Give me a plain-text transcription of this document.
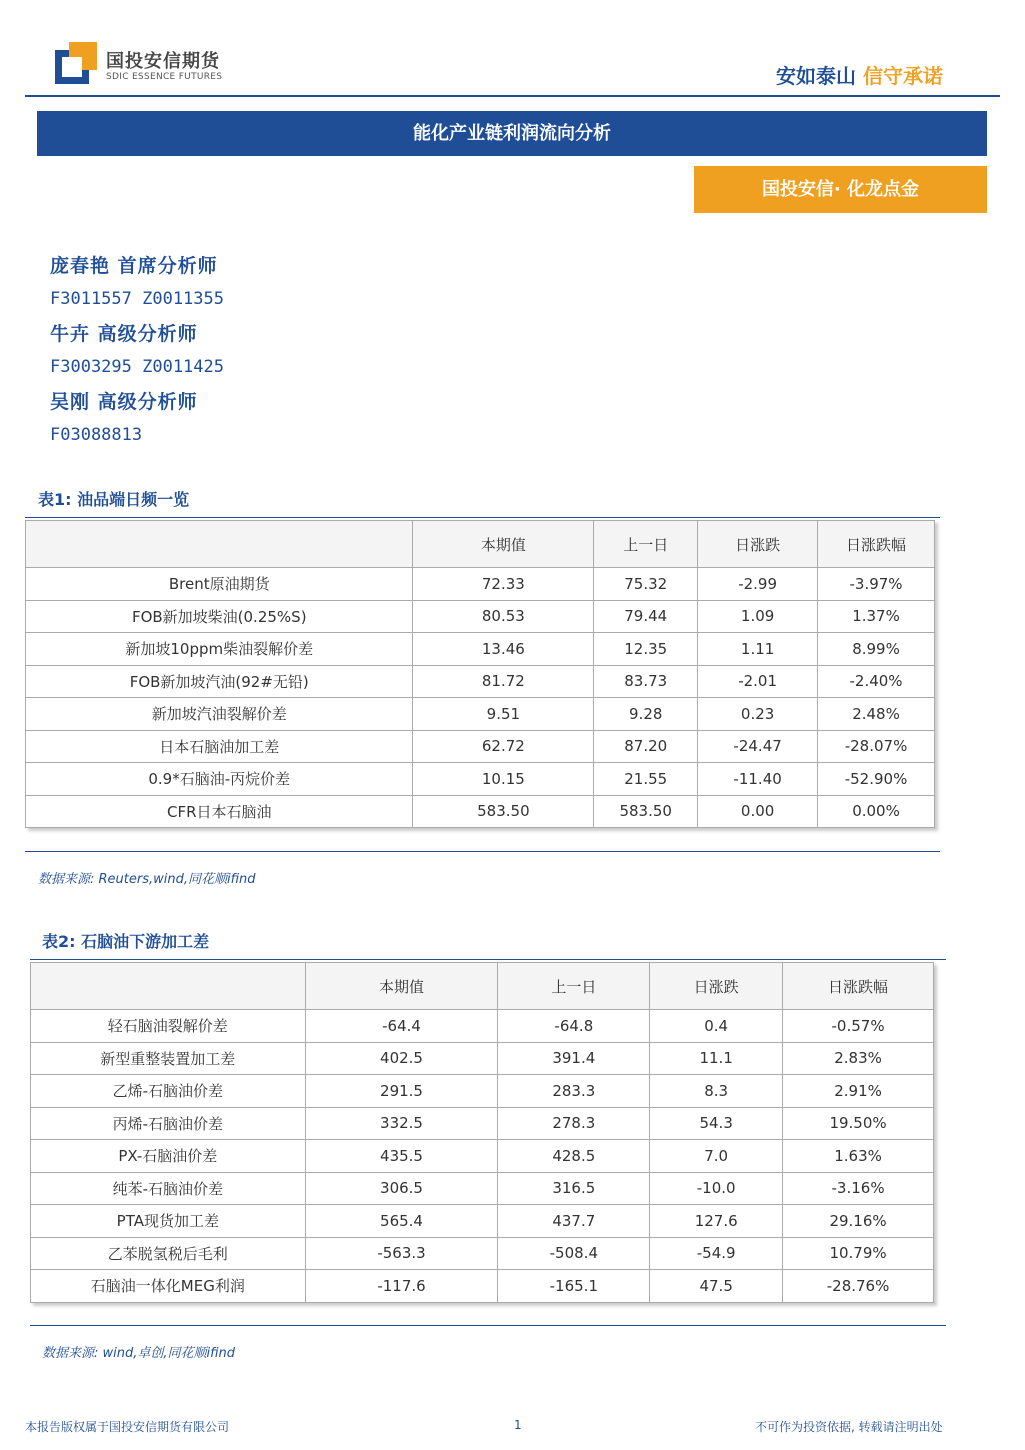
国投安信期货
SDIC ESSENCE FUTURES	安如泰山 信守承诺
能化产业链利润流向分析
国投安信· 化龙点金
庞春艳 首席分析师
F3011557 Z0011355
牛卉 高级分析师
F3003295 Z0011425
吴刚 高级分析师
F03088813
表1: 油品端日频一览
	本期值	上一日	日涨跌	日涨跌幅
Brent原油期货	72.33	75.32	-2.99	-3.97%
FOB新加坡柴油(0.25%S)	80.53	79.44	1.09	1.37%
新加坡10ppm柴油裂解价差	13.46	12.35	1.11	8.99%
FOB新加坡汽油(92#无铅)	81.72	83.73	-2.01	-2.40%
新加坡汽油裂解价差	9.51	9.28	0.23	2.48%
日本石脑油加工差	62.72	87.20	-24.47	-28.07%
0.9*石脑油-丙烷价差	10.15	21.55	-11.40	-52.90%
CFR日本石脑油	583.50	583.50	0.00	0.00%
数据来源: Reuters,wind,同花顺ifind
表2: 石脑油下游加工差
	本期值	上一日	日涨跌	日涨跌幅
轻石脑油裂解价差	-64.4	-64.8	0.4	-0.57%
新型重整装置加工差	402.5	391.4	11.1	2.83%
乙烯-石脑油价差	291.5	283.3	8.3	2.91%
丙烯-石脑油价差	332.5	278.3	54.3	19.50%
PX-石脑油价差	435.5	428.5	7.0	1.63%
纯苯-石脑油价差	306.5	316.5	-10.0	-3.16%
PTA现货加工差	565.4	437.7	127.6	29.16%
乙苯脱氢税后毛利	-563.3	-508.4	-54.9	10.79%
石脑油一体化MEG利润	-117.6	-165.1	47.5	-28.76%
数据来源: wind,卓创,同花顺ifind
本报告版权属于国投安信期货有限公司	1	不可作为投资依据, 转载请注明出处
